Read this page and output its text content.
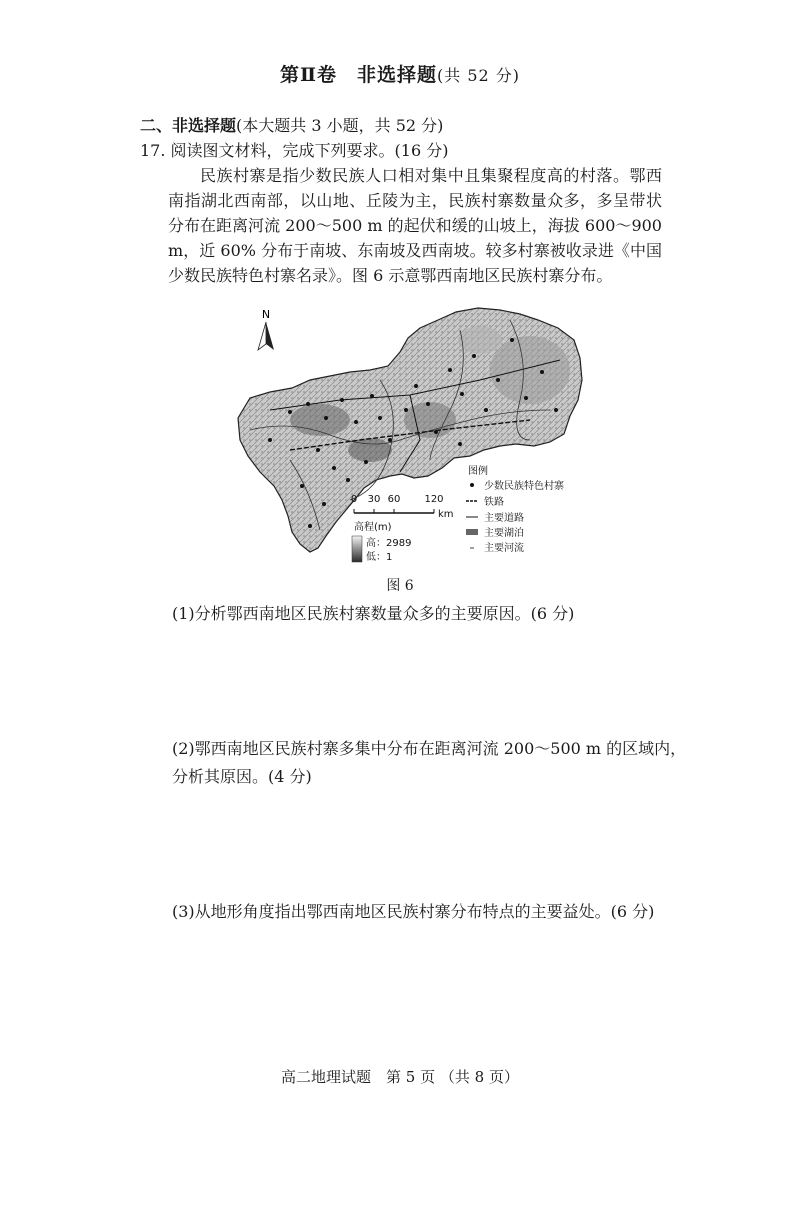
第Ⅱ卷　非选择题(共 52 分)
二、非选择题(本大题共 3 小题，共 52 分)
17. 阅读图文材料，完成下列要求。(16 分)
民族村寨是指少数民族人口相对集中且集聚程度高的村落。鄂西南指湖北西南部，以山地、丘陵为主，民族村寨数量众多，多呈带状分布在距离河流 200～500 m 的起伏和缓的山坡上，海拔 600～900 m，近 60% 分布于南坡、东南坡及西南坡。较多村寨被收录进《中国少数民族特色村寨名录》。图 6 示意鄂西南地区民族村寨分布。
N
0 30 60 120
km
高程(m)
高：2989
低：1
图例
少数民族特色村寨
铁路
主要道路
主要湖泊
主要河流
图 6
(1)分析鄂西南地区民族村寨数量众多的主要原因。(6 分)
(2)鄂西南地区民族村寨多集中分布在距离河流 200～500 m 的区域内，分析其原因。(4 分)
(3)从地形角度指出鄂西南地区民族村寨分布特点的主要益处。(6 分)
高二地理试题　第 5 页 （共 8 页）
